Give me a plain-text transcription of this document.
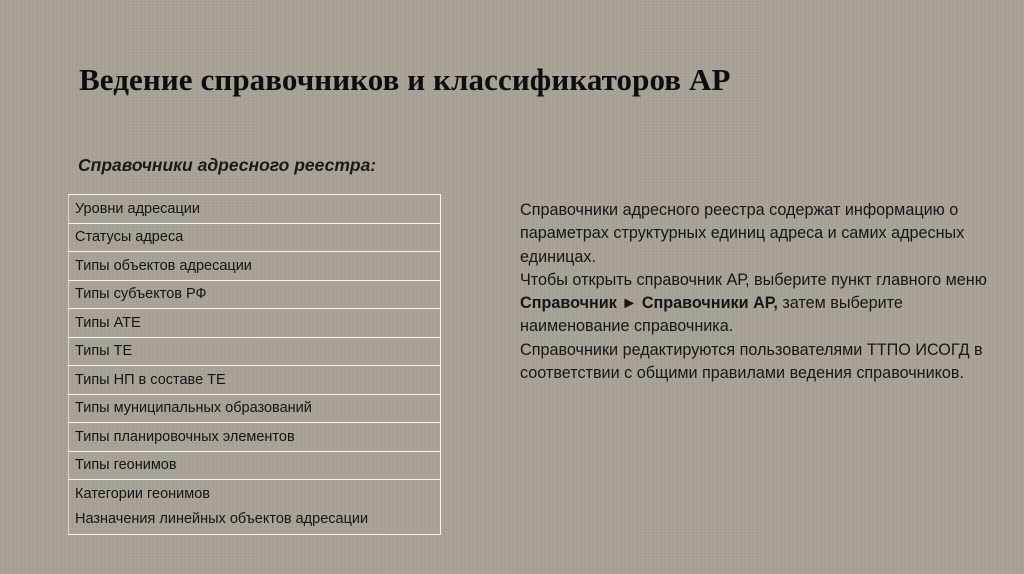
Ведение справочников и классификаторов АР
Справочники адресного реестра:
Уровни адресации
Статусы адреса
Типы объектов адресации
Типы субъектов РФ
Типы АТЕ
Типы ТЕ
Типы НП в составе ТЕ
Типы муниципальных образований
Типы планировочных элементов
Типы геонимов

Категории геонимов
Назначения линейных объектов адресации

Справочники адресного реестра содержат информацию о параметрах структурных единиц адреса и самих адресных единицах.

Чтобы открыть справочник АР, выберите пункт главного меню Справочник ► Справочники АР, затем выберите наименование справочника.

Справочники редактируются пользователями ТТПО ИСОГД в соответствии с общими правилами ведения справочников.
